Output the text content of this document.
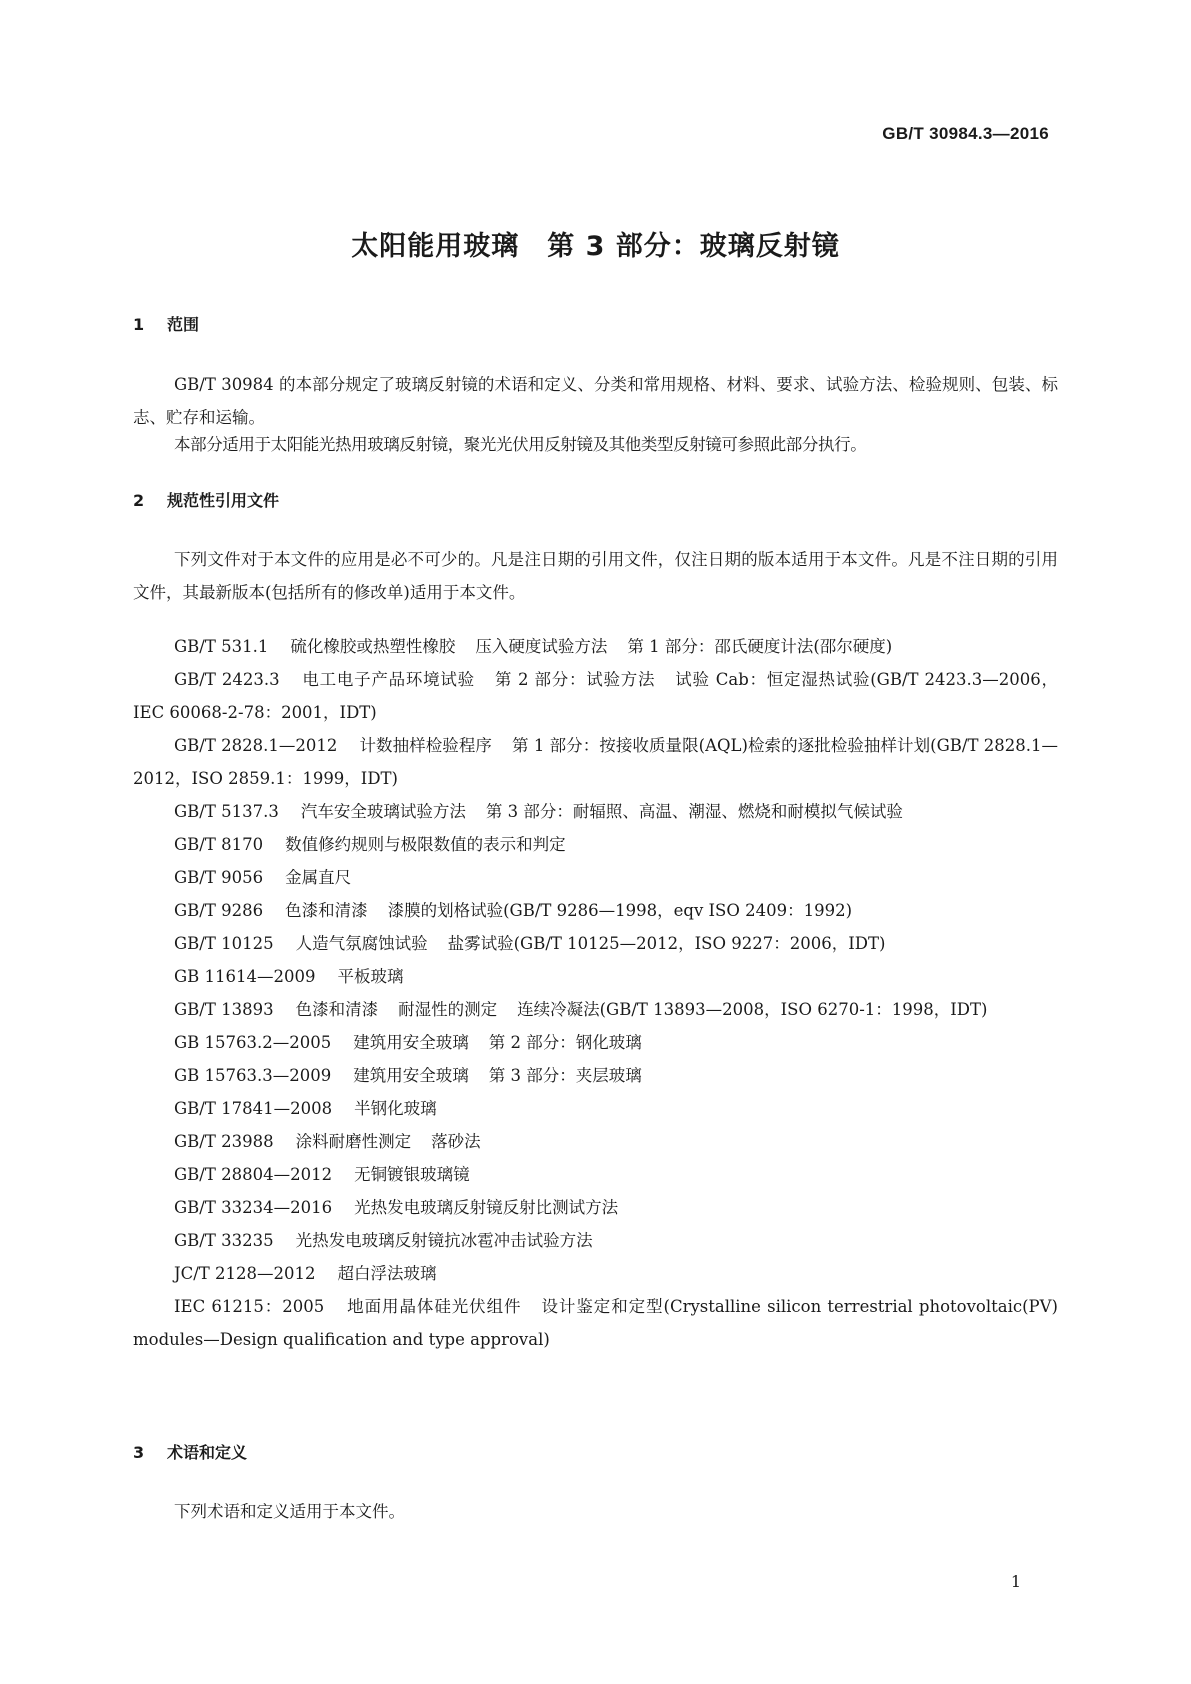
GB/T 30984.3—2016
太阳能用玻璃　第 3 部分：玻璃反射镜
1 范围

GB/T 30984 的本部分规定了玻璃反射镜的术语和定义、分类和常用规格、材料、要求、试验方法、检验规则、包装、标志、贮存和运输。

本部分适用于太阳能光热用玻璃反射镜，聚光光伏用反射镜及其他类型反射镜可参照此部分执行。

2 规范性引用文件

下列文件对于本文件的应用是必不可少的。凡是注日期的引用文件，仅注日期的版本适用于本文件。凡是不注日期的引用文件，其最新版本(包括所有的修改单)适用于本文件。

GB/T 531.1 硫化橡胶或热塑性橡胶 压入硬度试验方法 第 1 部分：邵氏硬度计法(邵尔硬度)

GB/T 2423.3 电工电子产品环境试验 第 2 部分：试验方法 试验 Cab：恒定湿热试验(GB/T 2423.3—2006，IEC 60068-2-78：2001，IDT)

GB/T 2828.1—2012 计数抽样检验程序 第 1 部分：按接收质量限(AQL)检索的逐批检验抽样计划(GB/T 2828.1—2012，ISO 2859.1：1999，IDT)

GB/T 5137.3 汽车安全玻璃试验方法 第 3 部分：耐辐照、高温、潮湿、燃烧和耐模拟气候试验

GB/T 8170 数值修约规则与极限数值的表示和判定

GB/T 9056 金属直尺

GB/T 9286 色漆和清漆 漆膜的划格试验(GB/T 9286—1998，eqv ISO 2409：1992)

GB/T 10125 人造气氛腐蚀试验 盐雾试验(GB/T 10125—2012，ISO 9227：2006，IDT)

GB 11614—2009 平板玻璃

GB/T 13893 色漆和清漆 耐湿性的测定 连续冷凝法(GB/T 13893—2008，ISO 6270-1：1998，IDT)

GB 15763.2—2005 建筑用安全玻璃 第 2 部分：钢化玻璃

GB 15763.3—2009 建筑用安全玻璃 第 3 部分：夹层玻璃

GB/T 17841—2008 半钢化玻璃

GB/T 23988 涂料耐磨性测定 落砂法

GB/T 28804—2012 无铜镀银玻璃镜

GB/T 33234—2016 光热发电玻璃反射镜反射比测试方法

GB/T 33235 光热发电玻璃反射镜抗冰雹冲击试验方法

JC/T 2128—2012 超白浮法玻璃

IEC 61215：2005 地面用晶体硅光伏组件 设计鉴定和定型(Crystalline silicon terrestrial photovoltaic(PV) modules—Design qualification and type approval)

3 术语和定义

下列术语和定义适用于本文件。

1
